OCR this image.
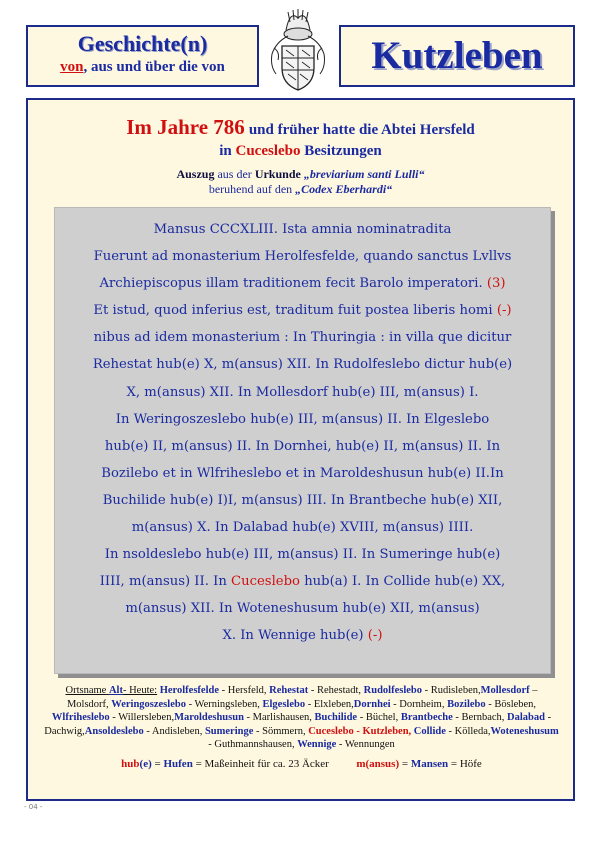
Geschichte(n)
von, aus und über die von	Kutzleben
Im Jahre 786 und früher hatte die Abtei Hersfeld
in Cuceslebo Besitzungen
Auszug aus der Urkunde „breviarium santi Lulli“
beruhend auf den „Codex Eberhardi“
Mansus CCCXLIII. Ista amnia nominatradita
Fuerunt ad monasterium Herolfesfelde, quando sanctus Lvllvs
Archiepiscopus illam traditionem fecit Barolo imperatori. (3)
Et istud, quod inferius est, traditum fuit postea liberis homi (-)
nibus ad idem monasterium : In Thuringia : in villa que dicitur
Rehestat hub(e) X, m(ansus) XII. In Rudolfeslebo dictur hub(e)
X, m(ansus) XII. In Mollesdorf hub(e) III, m(ansus) I.
In Weringoszeslebo hub(e) III, m(ansus) II. In Elgeslebo
hub(e) II, m(ansus) II. In Dornhei, hub(e) II, m(ansus) II. In
Bozilebo et in Wlfriheslebo et in Maroldeshusun hub(e) II.In
Buchilide hub(e) I)I, m(ansus) III. In Brantbeche hub(e) XII,
m(ansus) X. In Dalabad hub(e) XVIII, m(ansus) IIII.
In nsoldeslebo hub(e) III, m(ansus) II. In Sumeringe hub(e)
IIII, m(ansus) II. In Cuceslebo hub(a) I. In Collide hub(e) XX,
m(ansus) XII. In Woteneshusum hub(e) XII, m(ansus)
X. In Wennige hub(e) (-)
Ortsname Alt- Heute: Herolfesfelde - Hersfeld, Rehestat - Rehestadt, Rudolfeslebo - Rudisleben,Mollesdorf – Molsdorf, Weringoszeslebo - Werningsleben, Elgeslebo - Elxleben,Dornhei - Dornheim, Bozilebo - Bösleben, Wlfriheslebo - Willersleben,Maroldeshusun - Marlishausen, Buchilide - Büchel, Brantbeche - Bernbach, Dalabad - Dachwig,Ansoldeslebo - Andisleben, Sumeringe - Sömmern, Cuceslebo - Kutzleben, Collide - Kölleda,Woteneshusum - Guthmannshausen, Wennige - Wennungen
hub(e) = Hufen = Maßeinheit für ca. 23 Äcker	m(ansus) = Mansen = Höfe
- 04 -
